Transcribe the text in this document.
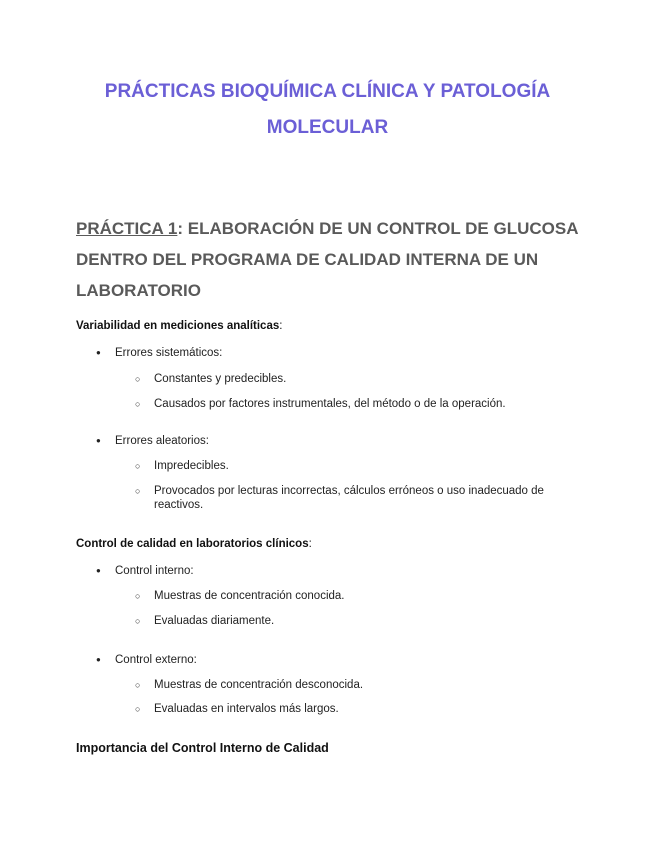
PRÁCTICAS BIOQUÍMICA CLÍNICA Y PATOLOGÍA
MOLECULAR
PRÁCTICA 1: ELABORACIÓN DE UN CONTROL DE GLUCOSA DENTRO DEL PROGRAMA DE CALIDAD INTERNA DE UN LABORATORIO

Variabilidad en mediciones analíticas:

● Errores sistemáticos:
○ Constantes y predecibles.
○ Causados por factores instrumentales, del método o de la operación.
● Errores aleatorios:
○ Impredecibles.
○ Provocados por lecturas incorrectas, cálculos erróneos o uso inadecuado de reactivos.

Control de calidad en laboratorios clínicos:

● Control interno:
○ Muestras de concentración conocida.
○ Evaluadas diariamente.
● Control externo:
○ Muestras de concentración desconocida.
○ Evaluadas en intervalos más largos.

Importancia del Control Interno de Calidad
